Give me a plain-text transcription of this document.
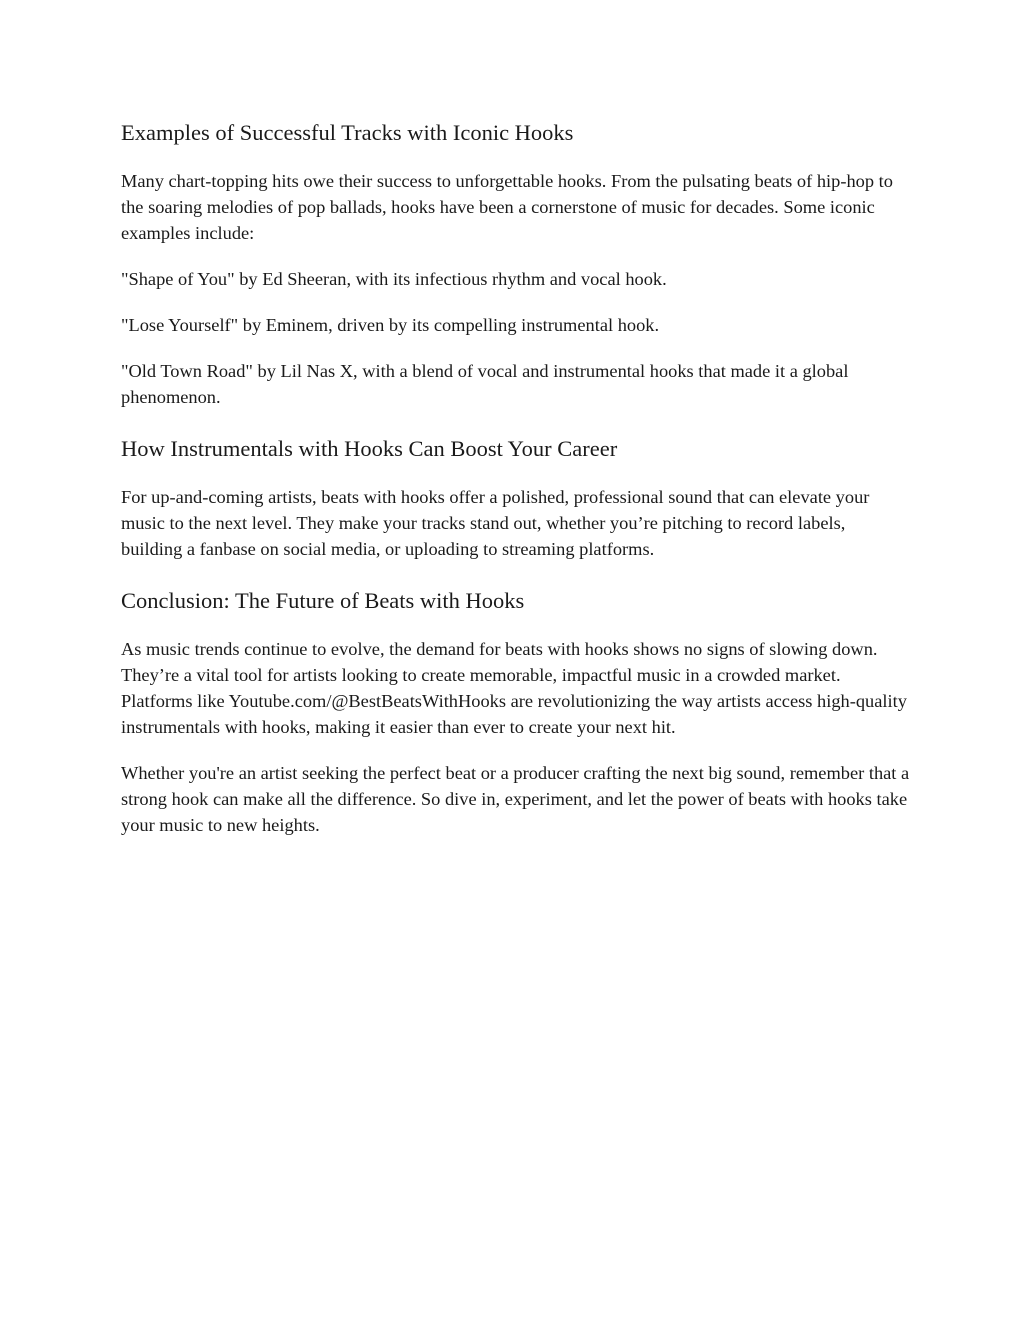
Examples of Successful Tracks with Iconic Hooks

Many chart-topping hits owe their success to unforgettable hooks. From the pulsating beats of hip-hop to the soaring melodies of pop ballads, hooks have been a cornerstone of music for decades. Some iconic examples include:

"Shape of You" by Ed Sheeran, with its infectious rhythm and vocal hook.

"Lose Yourself" by Eminem, driven by its compelling instrumental hook.

"Old Town Road" by Lil Nas X, with a blend of vocal and instrumental hooks that made it a global phenomenon.

How Instrumentals with Hooks Can Boost Your Career

For up-and-coming artists, beats with hooks offer a polished, professional sound that can elevate your music to the next level. They make your tracks stand out, whether you’re pitching to record labels, building a fanbase on social media, or uploading to streaming platforms.

Conclusion: The Future of Beats with Hooks

As music trends continue to evolve, the demand for beats with hooks shows no signs of slowing down. They’re a vital tool for artists looking to create memorable, impactful music in a crowded market. Platforms like Youtube.com/@BestBeatsWithHooks are revolutionizing the way artists access high-quality instrumentals with hooks, making it easier than ever to create your next hit.

Whether you're an artist seeking the perfect beat or a producer crafting the next big sound, remember that a strong hook can make all the difference. So dive in, experiment, and let the power of beats with hooks take your music to new heights.
